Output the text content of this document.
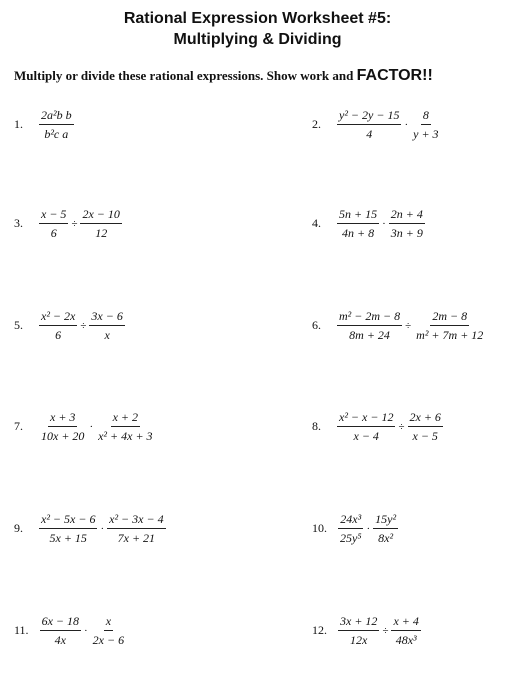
Rational Expression Worksheet #5:
Multiplying & Dividing
Multiply or divide these rational expressions. Show work and FACTOR!!
1.	$\frac{\text{2a²b b}}{\text{b²c a}}$	2.	$\frac{\text{y² − 2y − 15}}{4} \cdot \frac{8}{y + 3}$
3.	$\frac{x - 5}{6} \div \frac{2x - 10}{12}$	4.	$\frac{5n + 15}{4n + 8} \cdot \frac{2n + 4}{3n + 9}$
5.	$\frac{\text{x² − 2x}}{6} \div \frac{3x - 6}{x}$	6.	$\frac{\text{m² − 2m − 8}}{8m + 24} \div \frac{2m - 8}{\text{m² + 7m + 12}}$
7.	$\frac{x + 3}{10x + 20} \cdot \frac{x + 2}{\text{x² + 4x + 3}}$	8.	$\frac{\text{x² − x − 12}}{x - 4} \div \frac{2x + 6}{x - 5}$
9.	$\frac{\text{x² − 5x − 6}}{5x + 15} \cdot \frac{\text{x² − 3x − 4}}{7x + 21}$	10. $\frac{\text{24x³}}{\text{25y⁵}} \cdot \frac{\text{15y²}}{\text{8x²}}$
11. $\frac{6x - 18}{4x} \cdot \frac{x}{2x - 6}$	12. $\frac{3x + 12}{12x} \div \frac{x + 4}{\text{48x³}}$
